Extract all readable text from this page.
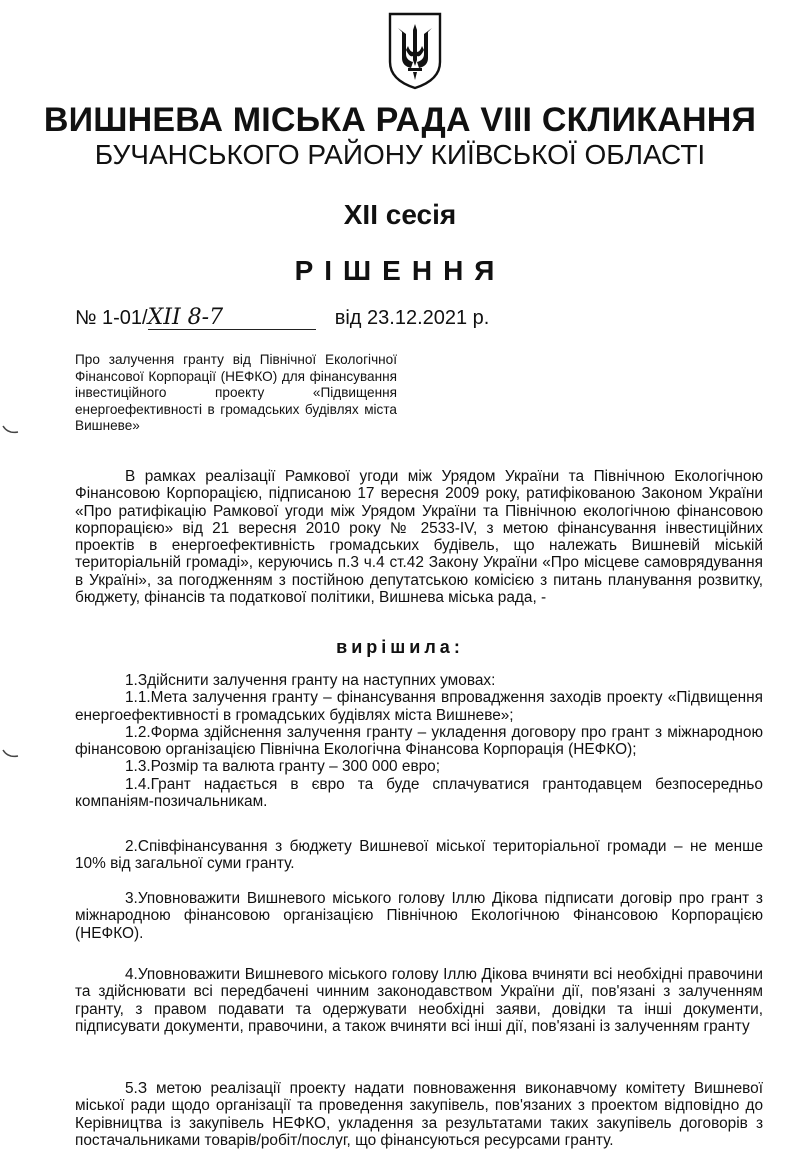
ВИШНЕВА МІСЬКА РАДА VIII СКЛИКАННЯ
БУЧАНСЬКОГО РАЙОНУ КИЇВСЬКОЇ ОБЛАСТІ
XII сесія
РІШЕННЯ
№ 1-01/XII 8-7	від 23.12.2021 р.
Про залучення гранту від Північної Екологічної Фінансової Корпорації (НЕФКО) для фінансування інвестиційного проекту «Підвищення енергоефективності в громадських будівлях міста Вишневе»
В рамках реалізації Рамкової угоди між Урядом України та Північною Екологічною Фінансовою Корпорацією, підписаною 17 вересня 2009 року, ратифікованою Законом України «Про ратифікацію Рамкової угоди між Урядом України та Північною екологічною фінансовою корпорацією» від 21 вересня 2010 року № 2533-IV, з метою фінансування інвестиційних проектів в енергоефективність громадських будівель, що належать Вишневій міській територіальній громаді», керуючись п.3 ч.4 ст.42 Закону України «Про місцеве самоврядування в Україні», за погодженням з постійною депутатською комісією з питань планування розвитку, бюджету, фінансів та податкової політики, Вишнева міська рада, -
вирішила:

1.Здійснити залучення гранту на наступних умовах:

1.1.Мета залучення гранту – фінансування впровадження заходів проекту «Підвищення енергоефективності в громадських будівлях міста Вишневе»;

1.2.Форма здійснення залучення гранту – укладення договору про грант з міжнародною фінансовою організацією Північна Екологічна Фінансова Корпорація (НЕФКО);

1.3.Розмір та валюта гранту – 300 000 евро;

1.4.Грант надається в євро та буде сплачуватися грантодавцем безпосередньо компаніям-позичальникам.

2.Співфінансування з бюджету Вишневої міської територіальної громади – не менше 10% від загальної суми гранту.
3.Уповноважити Вишневого міського голову Іллю Дікова підписати договір про грант з міжнародною фінансовою організацією Північною Екологічною Фінансовою Корпорацією (НЕФКО).
4.Уповноважити Вишневого міського голову Іллю Дікова вчиняти всі необхідні правочини та здійснювати всі передбачені чинним законодавством України дії, пов'язані з залученням гранту, з правом подавати та одержувати необхідні заяви, довідки та інші документи, підписувати документи, правочини, а також вчиняти всі інші дії, пов'язані із залученням гранту
5.З метою реалізації проекту надати повноваження виконавчому комітету Вишневої міської ради щодо організації та проведення закупівель, пов'язаних з проектом відповідно до Керівництва із закупівель НЕФКО, укладення за результатами таких закупівель договорів з постачальниками товарів/робіт/послуг, що фінансуються ресурсами гранту.
